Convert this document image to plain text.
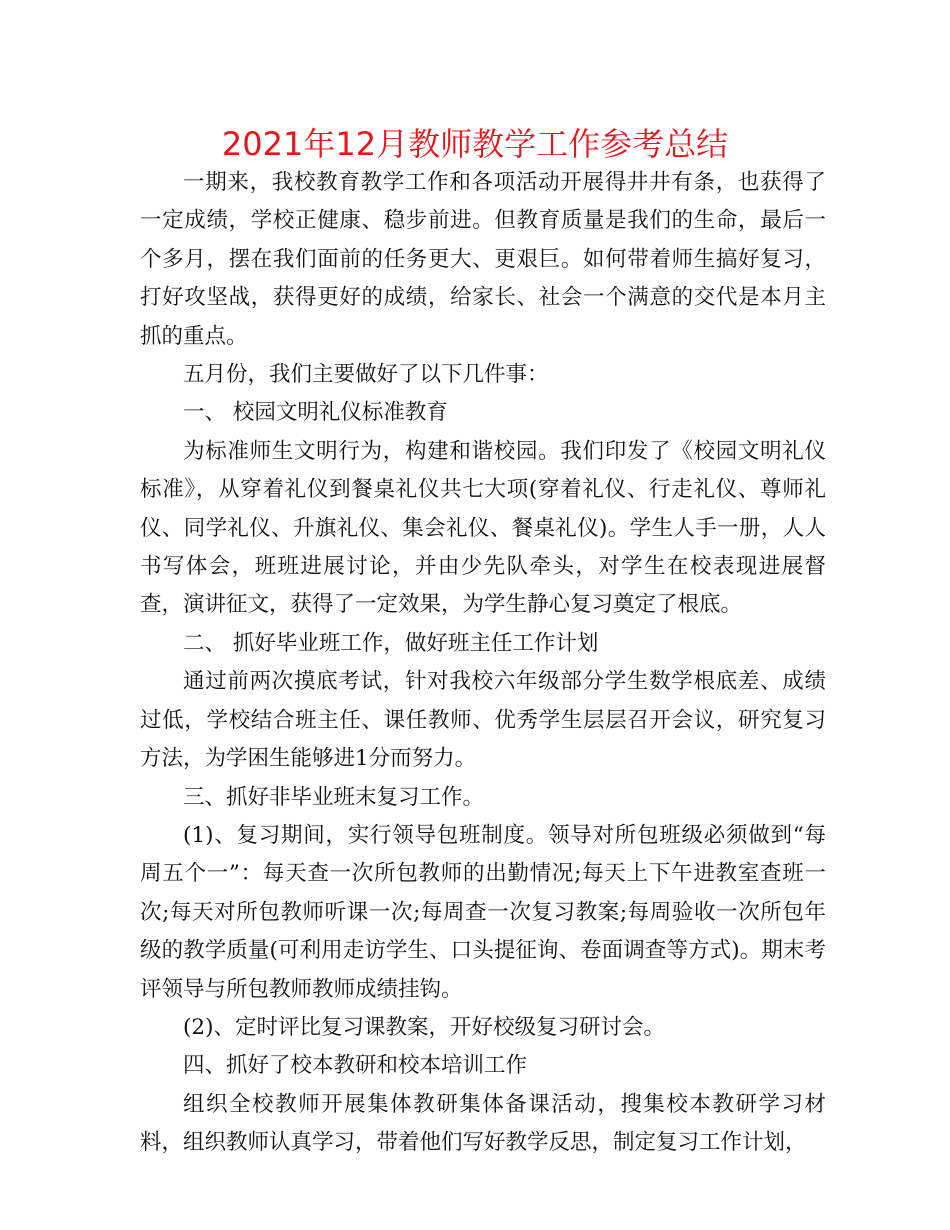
2021年12月教师教学工作参考总结

一期来，我校教育教学工作和各项活动开展得井井有条，也获得了一定成绩，学校正健康、稳步前进。但教育质量是我们的生命，最后一个多月，摆在我们面前的任务更大、更艰巨。如何带着师生搞好复习，打好攻坚战，获得更好的成绩，给家长、社会一个满意的交代是本月主抓的重点。

五月份，我们主要做好了以下几件事：

一、 校园文明礼仪标准教育

为标准师生文明行为，构建和谐校园。我们印发了《校园文明礼仪标准》，从穿着礼仪到餐桌礼仪共七大项(穿着礼仪、行走礼仪、尊师礼仪、同学礼仪、升旗礼仪、集会礼仪、餐桌礼仪)。学生人手一册，人人书写体会，班班进展讨论，并由少先队牵头，对学生在校表现进展督查，演讲征文，获得了一定效果，为学生静心复习奠定了根底。

二、 抓好毕业班工作，做好班主任工作计划

通过前两次摸底考试，针对我校六年级部分学生数学根底差、成绩过低，学校结合班主任、课任教师、优秀学生层层召开会议，研究复习方法，为学困生能够进1分而努力。

三、抓好非毕业班末复习工作。

(1)、复习期间，实行领导包班制度。领导对所包班级必须做到“每周五个一”：每天查一次所包教师的出勤情况;每天上下午进教室查班一次;每天对所包教师听课一次;每周查一次复习教案;每周验收一次所包年级的教学质量(可利用走访学生、口头提征询、卷面调查等方式)。期末考评领导与所包教师教师成绩挂钩。

(2)、定时评比复习课教案，开好校级复习研讨会。

四、抓好了校本教研和校本培训工作

组织全校教师开展集体教研集体备课活动，搜集校本教研学习材料，组织教师认真学习，带着他们写好教学反思，制定复习工作计划，
